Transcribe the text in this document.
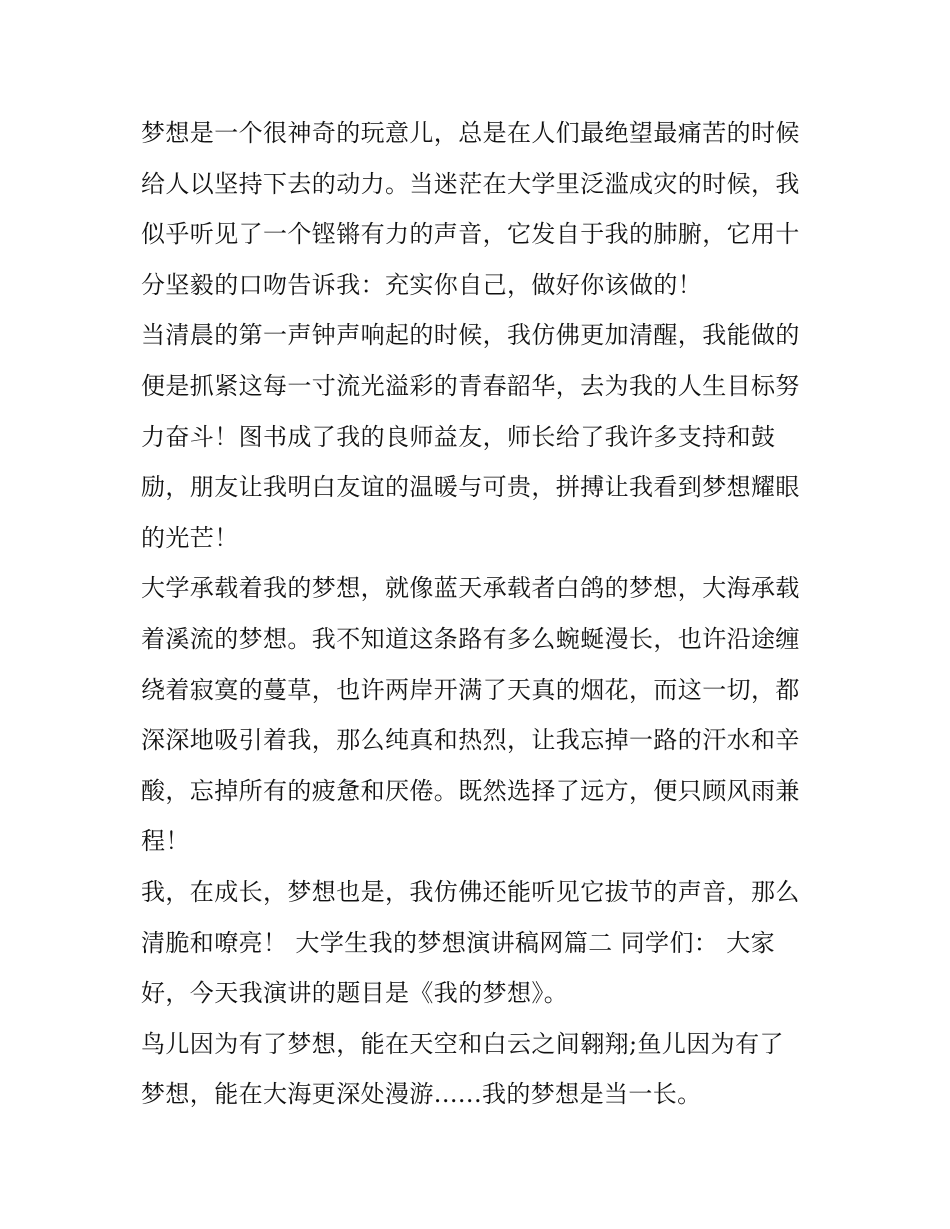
梦想是一个很神奇的玩意儿，总是在人们最绝望最痛苦的时候
给人以坚持下去的动力。当迷茫在大学里泛滥成灾的时候，我
似乎听见了一个铿锵有力的声音，它发自于我的肺腑，它用十
分坚毅的口吻告诉我：充实你自己，做好你该做的！
当清晨的第一声钟声响起的时候，我仿佛更加清醒，我能做的
便是抓紧这每一寸流光溢彩的青春韶华，去为我的人生目标努
力奋斗！图书成了我的良师益友，师长给了我许多支持和鼓
励，朋友让我明白友谊的温暖与可贵，拼搏让我看到梦想耀眼
的光芒！
大学承载着我的梦想，就像蓝天承载者白鸽的梦想，大海承载
着溪流的梦想。我不知道这条路有多么蜿蜒漫长，也许沿途缠
绕着寂寞的蔓草，也许两岸开满了天真的烟花，而这一切，都
深深地吸引着我，那么纯真和热烈，让我忘掉一路的汗水和辛
酸，忘掉所有的疲惫和厌倦。既然选择了远方，便只顾风雨兼
程！
我，在成长，梦想也是，我仿佛还能听见它拔节的声音，那么
清脆和嘹亮！ 大学生我的梦想演讲稿网篇二 同学们： 大家
好，今天我演讲的题目是《我的梦想》。
鸟儿因为有了梦想，能在天空和白云之间翱翔;鱼儿因为有了
梦想，能在大海更深处漫游......我的梦想是当一长。
